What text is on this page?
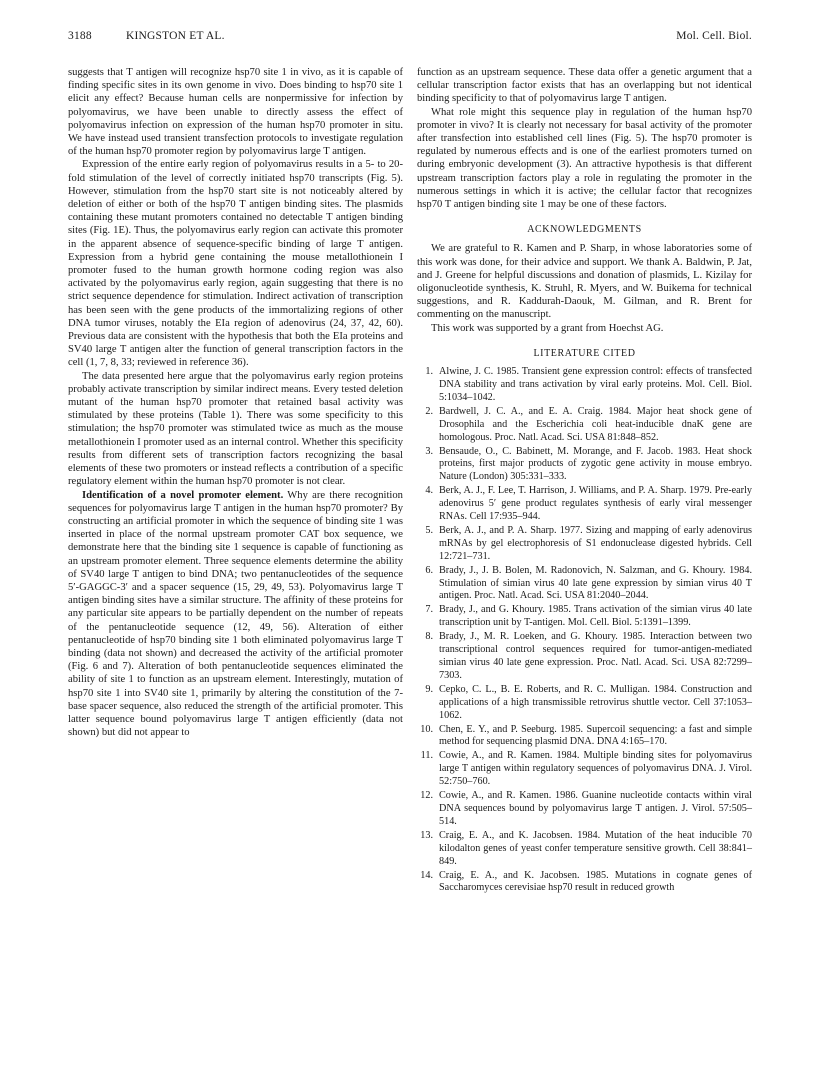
3188	KINGSTON ET AL.	Mol. Cell. Biol.

suggests that T antigen will recognize hsp70 site 1 in vivo, as it is capable of finding specific sites in its own genome in vivo. Does binding to hsp70 site 1 elicit any effect? Because human cells are nonpermissive for infection by polyomavirus, we have been unable to directly assess the effect of polyomavirus infection on expression of the human hsp70 promoter in situ. We have instead used transient transfection protocols to investigate regulation of the human hsp70 promoter region by polyomavirus large T antigen.

Expression of the entire early region of polyomavirus results in a 5- to 20-fold stimulation of the level of correctly initiated hsp70 transcripts (Fig. 5). However, stimulation from the hsp70 start site is not noticeably altered by deletion of either or both of the hsp70 T antigen binding sites. The plasmids containing these mutant promoters contained no detectable T antigen binding sites (Fig. 1E). Thus, the polyomavirus early region can activate this promoter in the apparent absence of sequence-specific binding of large T antigen. Expression from a hybrid gene containing the mouse metallothionein I promoter fused to the human growth hormone coding region was also activated by the polyomavirus early region, again suggesting that there is no strict sequence dependence for stimulation. Indirect activation of transcription has been seen with the gene products of the immortalizing regions of other DNA tumor viruses, notably the EIa region of adenovirus (24, 37, 42, 60). Previous data are consistent with the hypothesis that both the EIa proteins and SV40 large T antigen alter the function of general transcription factors in the cell (1, 7, 8, 33; reviewed in reference 36).

The data presented here argue that the polyomavirus early region proteins probably activate transcription by similar indirect means. Every tested deletion mutant of the human hsp70 promoter that retained basal activity was stimulated by these proteins (Table 1). There was some specificity to this stimulation; the hsp70 promoter was stimulated twice as much as the mouse metallothionein I promoter used as an internal control. Whether this specificity results from different sets of transcription factors recognizing the basal elements of these two promoters or instead reflects a contribution of a specific regulatory element within the human hsp70 promoter is not clear.

Identification of a novel promoter element. Why are there recognition sequences for polyomavirus large T antigen in the human hsp70 promoter? By constructing an artificial promoter in which the sequence of binding site 1 was inserted in place of the normal upstream promoter CAT box sequence, we demonstrate here that the binding site 1 sequence is capable of functioning as an upstream promoter element. Three sequence elements determine the ability of SV40 large T antigen to bind DNA; two pentanucleotides of the sequence 5′-GAGGC-3′ and a spacer sequence (15, 29, 49, 53). Polyomavirus large T antigen binding sites have a similar structure. The affinity of these proteins for any particular site appears to be partially dependent on the number of repeats of the pentanucleotide sequence (12, 49, 56). Alteration of either pentanucleotide of hsp70 binding site 1 both eliminated polyomavirus large T binding (data not shown) and decreased the activity of the artificial promoter (Fig. 6 and 7). Alteration of both pentanucleotide sequences eliminated the ability of site 1 to function as an upstream element. Interestingly, mutation of hsp70 site 1 into SV40 site 1, primarily by altering the constitution of the 7-base spacer sequence, also reduced the strength of the artificial promoter. This latter sequence bound polyomavirus large T antigen efficiently (data not shown) but did not appear to

function as an upstream sequence. These data offer a genetic argument that a cellular transcription factor exists that has an overlapping but not identical binding specificity to that of polyomavirus large T antigen.

What role might this sequence play in regulation of the human hsp70 promoter in vivo? It is clearly not necessary for basal activity of the promoter after transfection into established cell lines (Fig. 5). The hsp70 promoter is regulated by numerous effects and is one of the earliest promoters turned on during embryonic development (3). An attractive hypothesis is that different upstream transcription factors play a role in regulating the promoter in the numerous settings in which it is active; the cellular factor that recognizes hsp70 T antigen binding site 1 may be one of these factors.

ACKNOWLEDGMENTS

We are grateful to R. Kamen and P. Sharp, in whose laboratories some of this work was done, for their advice and support. We thank A. Baldwin, P. Jat, and J. Greene for helpful discussions and donation of plasmids, L. Kizilay for oligonucleotide synthesis, K. Struhl, R. Myers, and W. Buikema for technical suggestions, and R. Kaddurah-Daouk, M. Gilman, and R. Brent for commenting on the manuscript.

This work was supported by a grant from Hoechst AG.

LITERATURE CITED
1. Alwine, J. C. 1985. Transient gene expression control: effects of transfected DNA stability and trans activation by viral early proteins. Mol. Cell. Biol. 5:1034–1042.
2. Bardwell, J. C. A., and E. A. Craig. 1984. Major heat shock gene of Drosophila and the Escherichia coli heat-inducible dnaK gene are homologous. Proc. Natl. Acad. Sci. USA 81:848–852.
3. Bensaude, O., C. Babinett, M. Morange, and F. Jacob. 1983. Heat shock proteins, first major products of zygotic gene activity in mouse embryo. Nature (London) 305:331–333.
4. Berk, A. J., F. Lee, T. Harrison, J. Williams, and P. A. Sharp. 1979. Pre-early adenovirus 5′ gene product regulates synthesis of early viral messenger RNAs. Cell 17:935–944.
5. Berk, A. J., and P. A. Sharp. 1977. Sizing and mapping of early adenovirus mRNAs by gel electrophoresis of S1 endonuclease digested hybrids. Cell 12:721–731.
6. Brady, J., J. B. Bolen, M. Radonovich, N. Salzman, and G. Khoury. 1984. Stimulation of simian virus 40 late gene expression by simian virus 40 T antigen. Proc. Natl. Acad. Sci. USA 81:2040–2044.
7. Brady, J., and G. Khoury. 1985. Trans activation of the simian virus 40 late transcription unit by T-antigen. Mol. Cell. Biol. 5:1391–1399.
8. Brady, J., M. R. Loeken, and G. Khoury. 1985. Interaction between two transcriptional control sequences required for tumor-antigen-mediated simian virus 40 late gene expression. Proc. Natl. Acad. Sci. USA 82:7299–7303.
9. Cepko, C. L., B. E. Roberts, and R. C. Mulligan. 1984. Construction and applications of a high transmissible retrovirus shuttle vector. Cell 37:1053–1062.
10. Chen, E. Y., and P. Seeburg. 1985. Supercoil sequencing: a fast and simple method for sequencing plasmid DNA. DNA 4:165–170.
11. Cowie, A., and R. Kamen. 1984. Multiple binding sites for polyomavirus large T antigen within regulatory sequences of polyomavirus DNA. J. Virol. 52:750–760.
12. Cowie, A., and R. Kamen. 1986. Guanine nucleotide contacts within viral DNA sequences bound by polyomavirus large T antigen. J. Virol. 57:505–514.
13. Craig, E. A., and K. Jacobsen. 1984. Mutation of the heat inducible 70 kilodalton genes of yeast confer temperature sensitive growth. Cell 38:841–849.
14. Craig, E. A., and K. Jacobsen. 1985. Mutations in cognate genes of Saccharomyces cerevisiae hsp70 result in reduced growth
